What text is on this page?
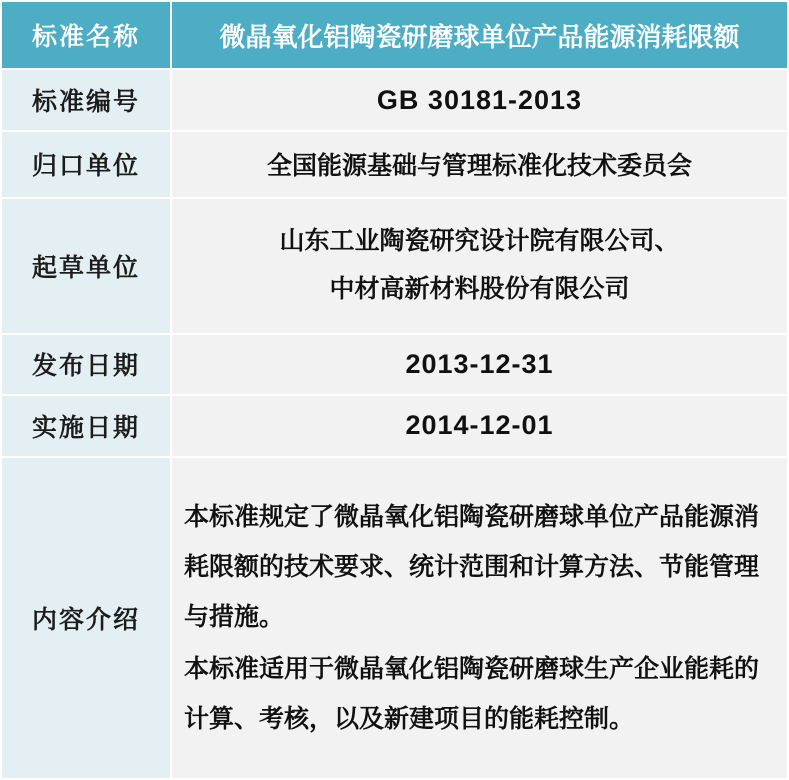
标准名称	微晶氧化铝陶瓷研磨球单位产品能源消耗限额
标准编号	GB 30181-2013
归口单位	全国能源基础与管理标准化技术委员会
起草单位	山东工业陶瓷研究设计院有限公司、
中材高新材料股份有限公司

发布日期	2013-12-31
实施日期	2014-12-01
内容介绍	本标准规定了微晶氧化铝陶瓷研磨球单位产品能源消耗限额的技术要求、统计范围和计算方法、节能管理与措施。

本标准适用于微晶氧化铝陶瓷研磨球生产企业能耗的计算、考核，以及新建项目的能耗控制。
